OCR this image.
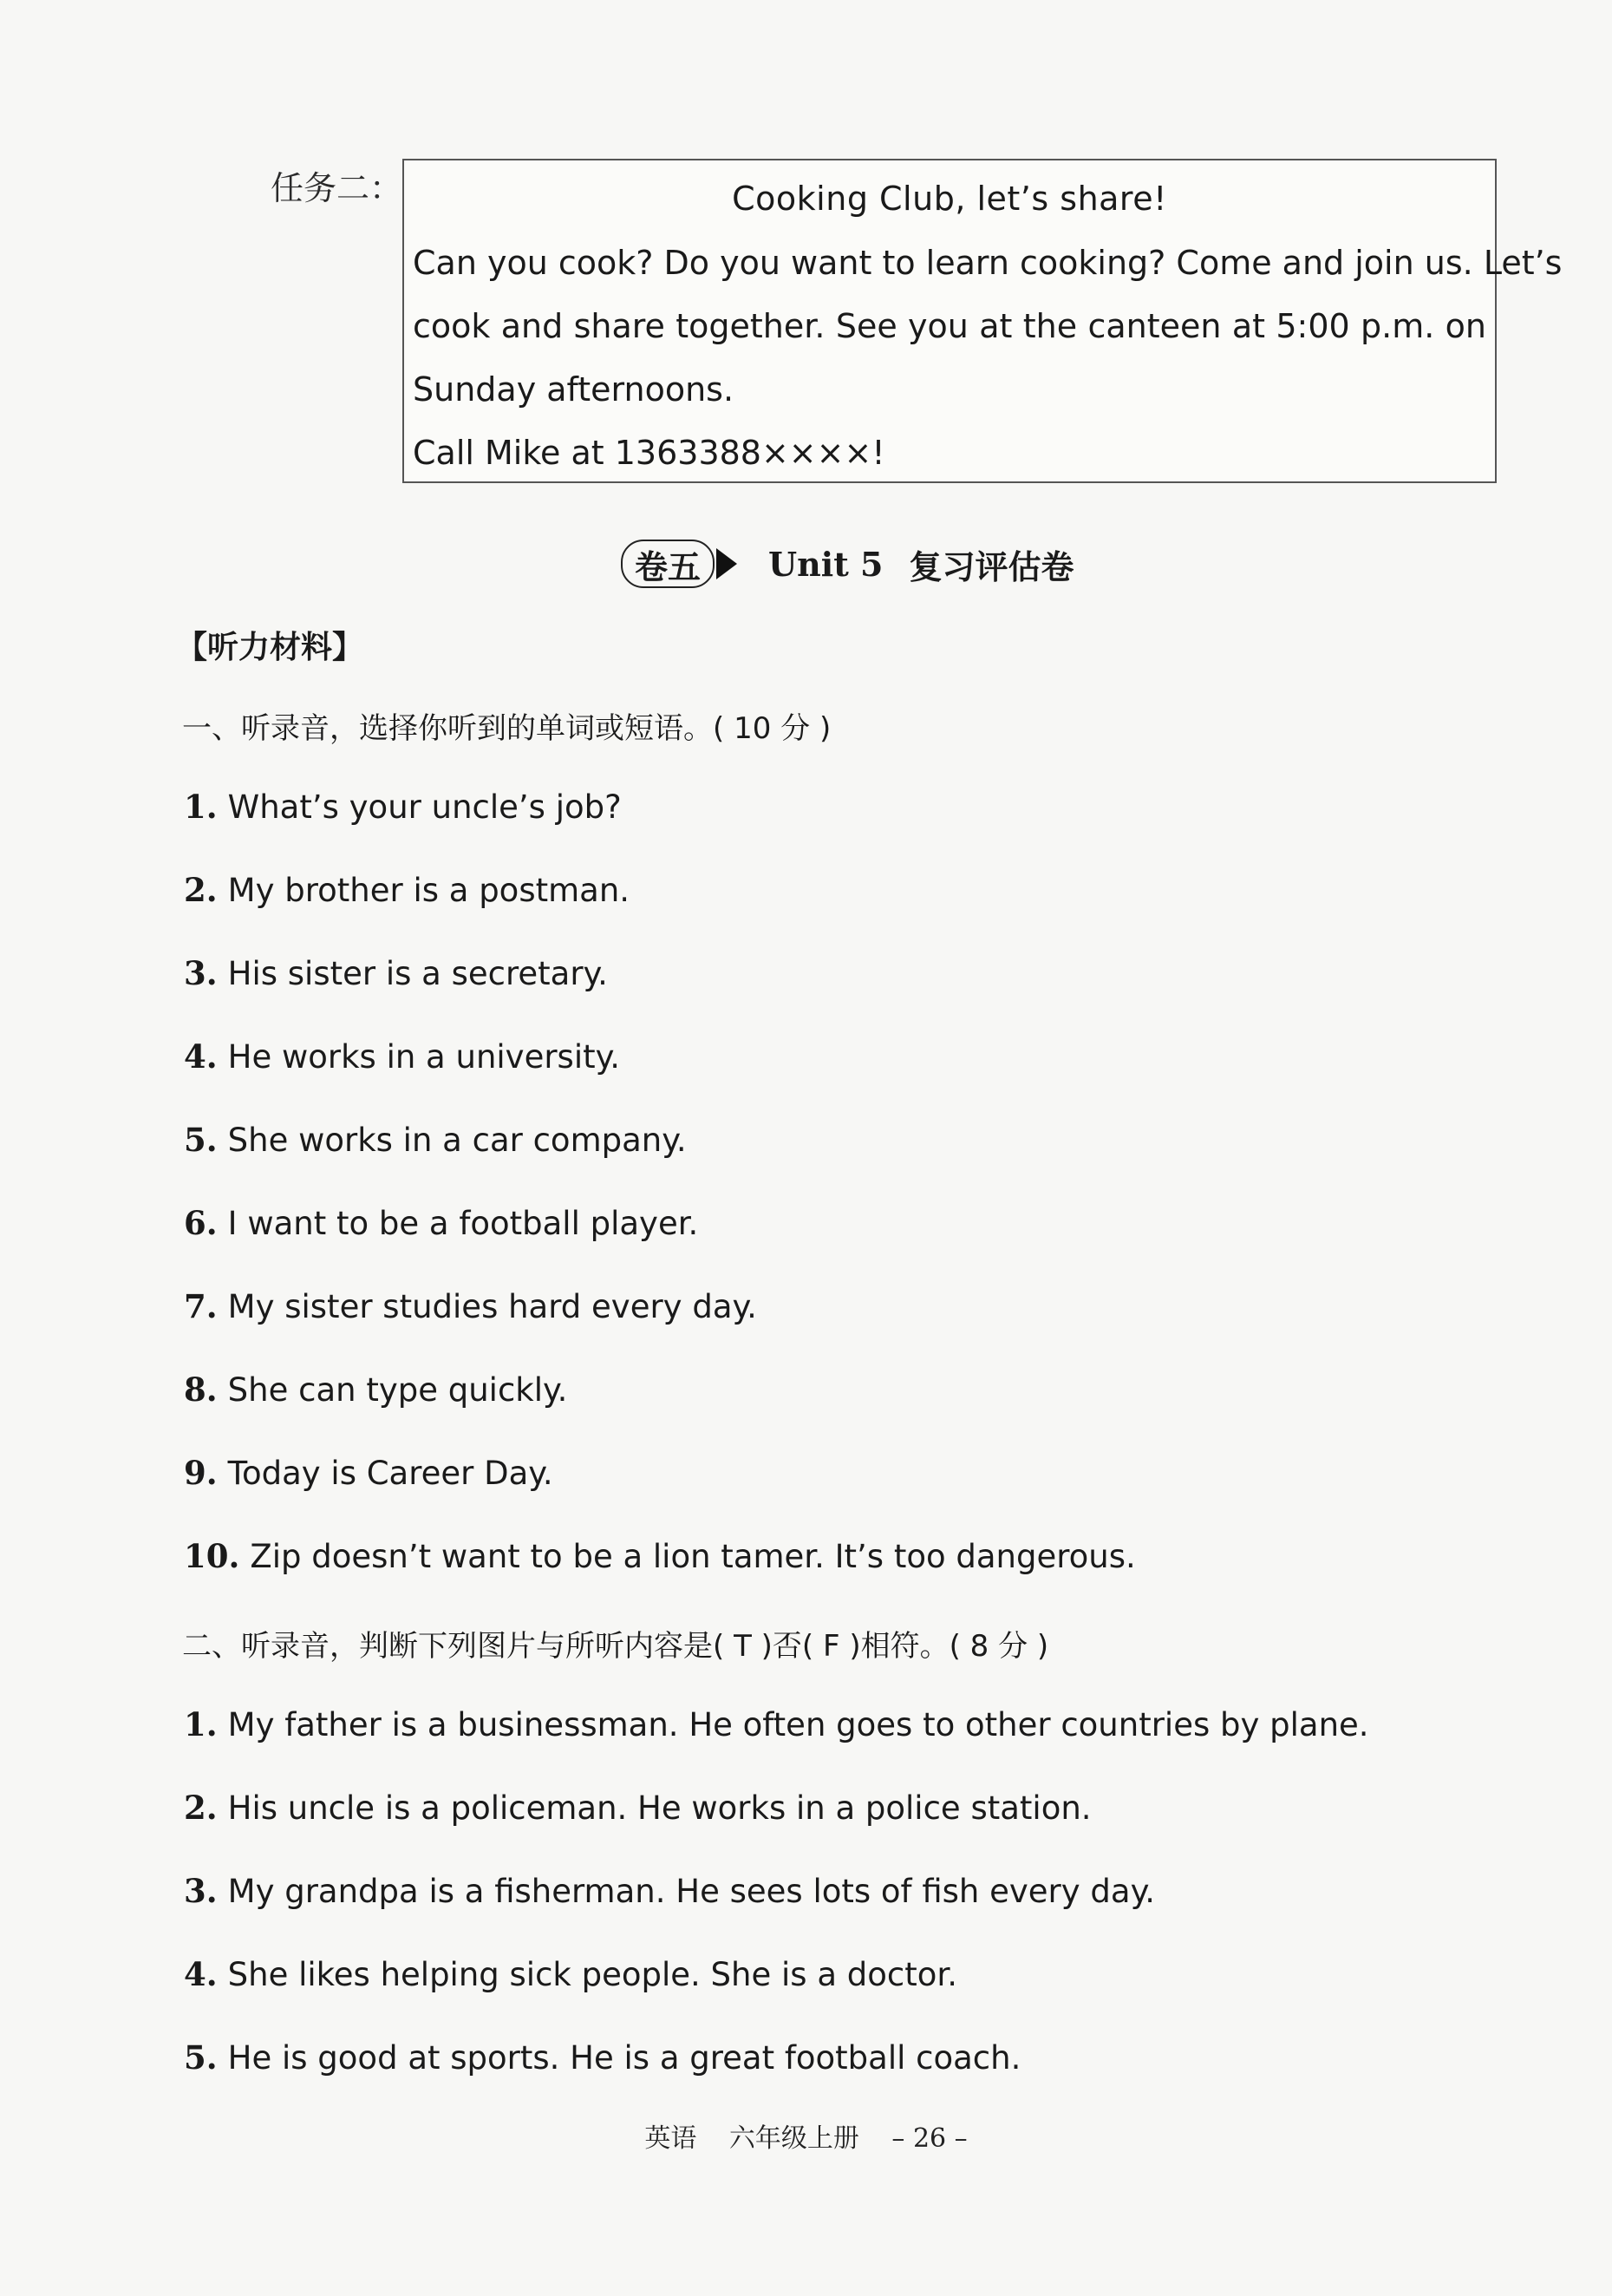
任务二：	Cooking Club, let’s share!
Can you cook? Do you want to learn cooking? Come and join us. Let’s
cook and share together. See you at the canteen at 5:00 p.m. on
Sunday afternoons.
Call Mike at 1363388××××!
卷五	Unit 5 复习评估卷
【听力材料】
一、听录音，选择你听到的单词或短语。( 10 分 )
1. What’s your uncle’s job?
2. My brother is a postman.
3. His sister is a secretary.
4. He works in a university.
5. She works in a car company.
6. I want to be a football player.
7. My sister studies hard every day.
8. She can type quickly.
9. Today is Career Day.
10. Zip doesn’t want to be a lion tamer. It’s too dangerous.
二、听录音，判断下列图片与所听内容是( T )否( F )相符。( 8 分 )
1. My father is a businessman. He often goes to other countries by plane.
2. His uncle is a policeman. He works in a police station.
3. My grandpa is a fisherman. He sees lots of fish every day.
4. She likes helping sick people. She is a doctor.
5. He is good at sports. He is a great football coach.
英语 六年级上册 – 26 –
